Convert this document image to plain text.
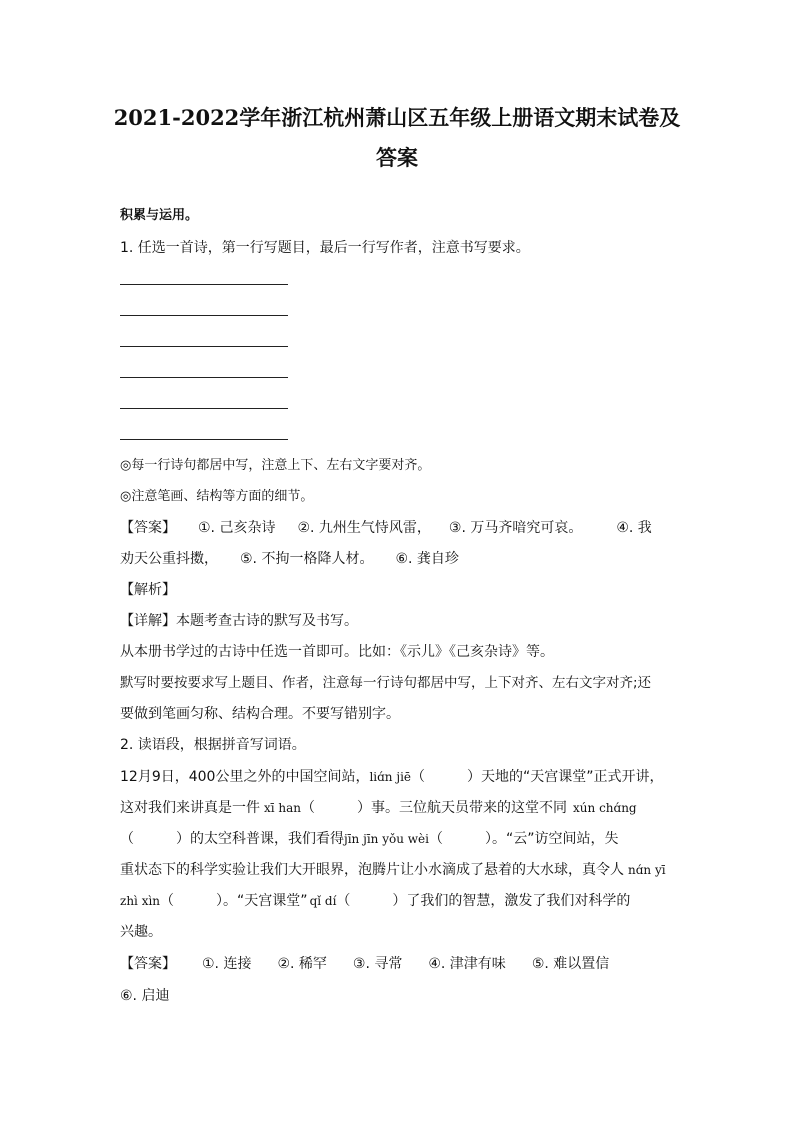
2021-2022学年浙江杭州萧山区五年级上册语文期末试卷及
答案
积累与运用。
1. 任选一首诗，第一行写题目，最后一行写作者，注意书写要求。
◎每一行诗句都居中写，注意上下、左右文字要对齐。
◎注意笔画、结构等方面的细节。
【答案】 ①. 己亥杂诗 ②. 九州生气恃风雷， ③. 万马齐喑究可哀。 ④. 我
劝天公重抖擞， ⑤. 不拘一格降人材。 ⑥. 龚自珍
【解析】
【详解】本题考查古诗的默写及书写。
从本册书学过的古诗中任选一首即可。比如：《示儿》《己亥杂诗》等。
默写时要按要求写上题目、作者，注意每一行诗句都居中写，上下对齐、左右文字对齐;还
要做到笔画匀称、结构合理。不要写错别字。
2. 读语段，根据拼音写词语。
12月9日，400公里之外的中国空间站，liɑ́n jiē（　　　）天地的“天宫课堂”正式开讲，
这对我们来讲真是一件 xī han（　　　）事。三位航天员带来的这堂不同 xún chɑ́ng
（　　　）的太空科普课，我们看得jīn jīn yǒu wèi（　　　）。“云”访空间站，失
重状态下的科学实验让我们大开眼界，泡腾片让小水滴成了悬着的大水球，真令人 nɑ́n yī
zhì xìn（　　　）。“天宫课堂” qǐ dí（　　　）了我们的智慧，激发了我们对科学的
兴趣。
【答案】 ①. 连接 ②. 稀罕 ③. 寻常 ④. 津津有味 ⑤. 难以置信
⑥. 启迪
